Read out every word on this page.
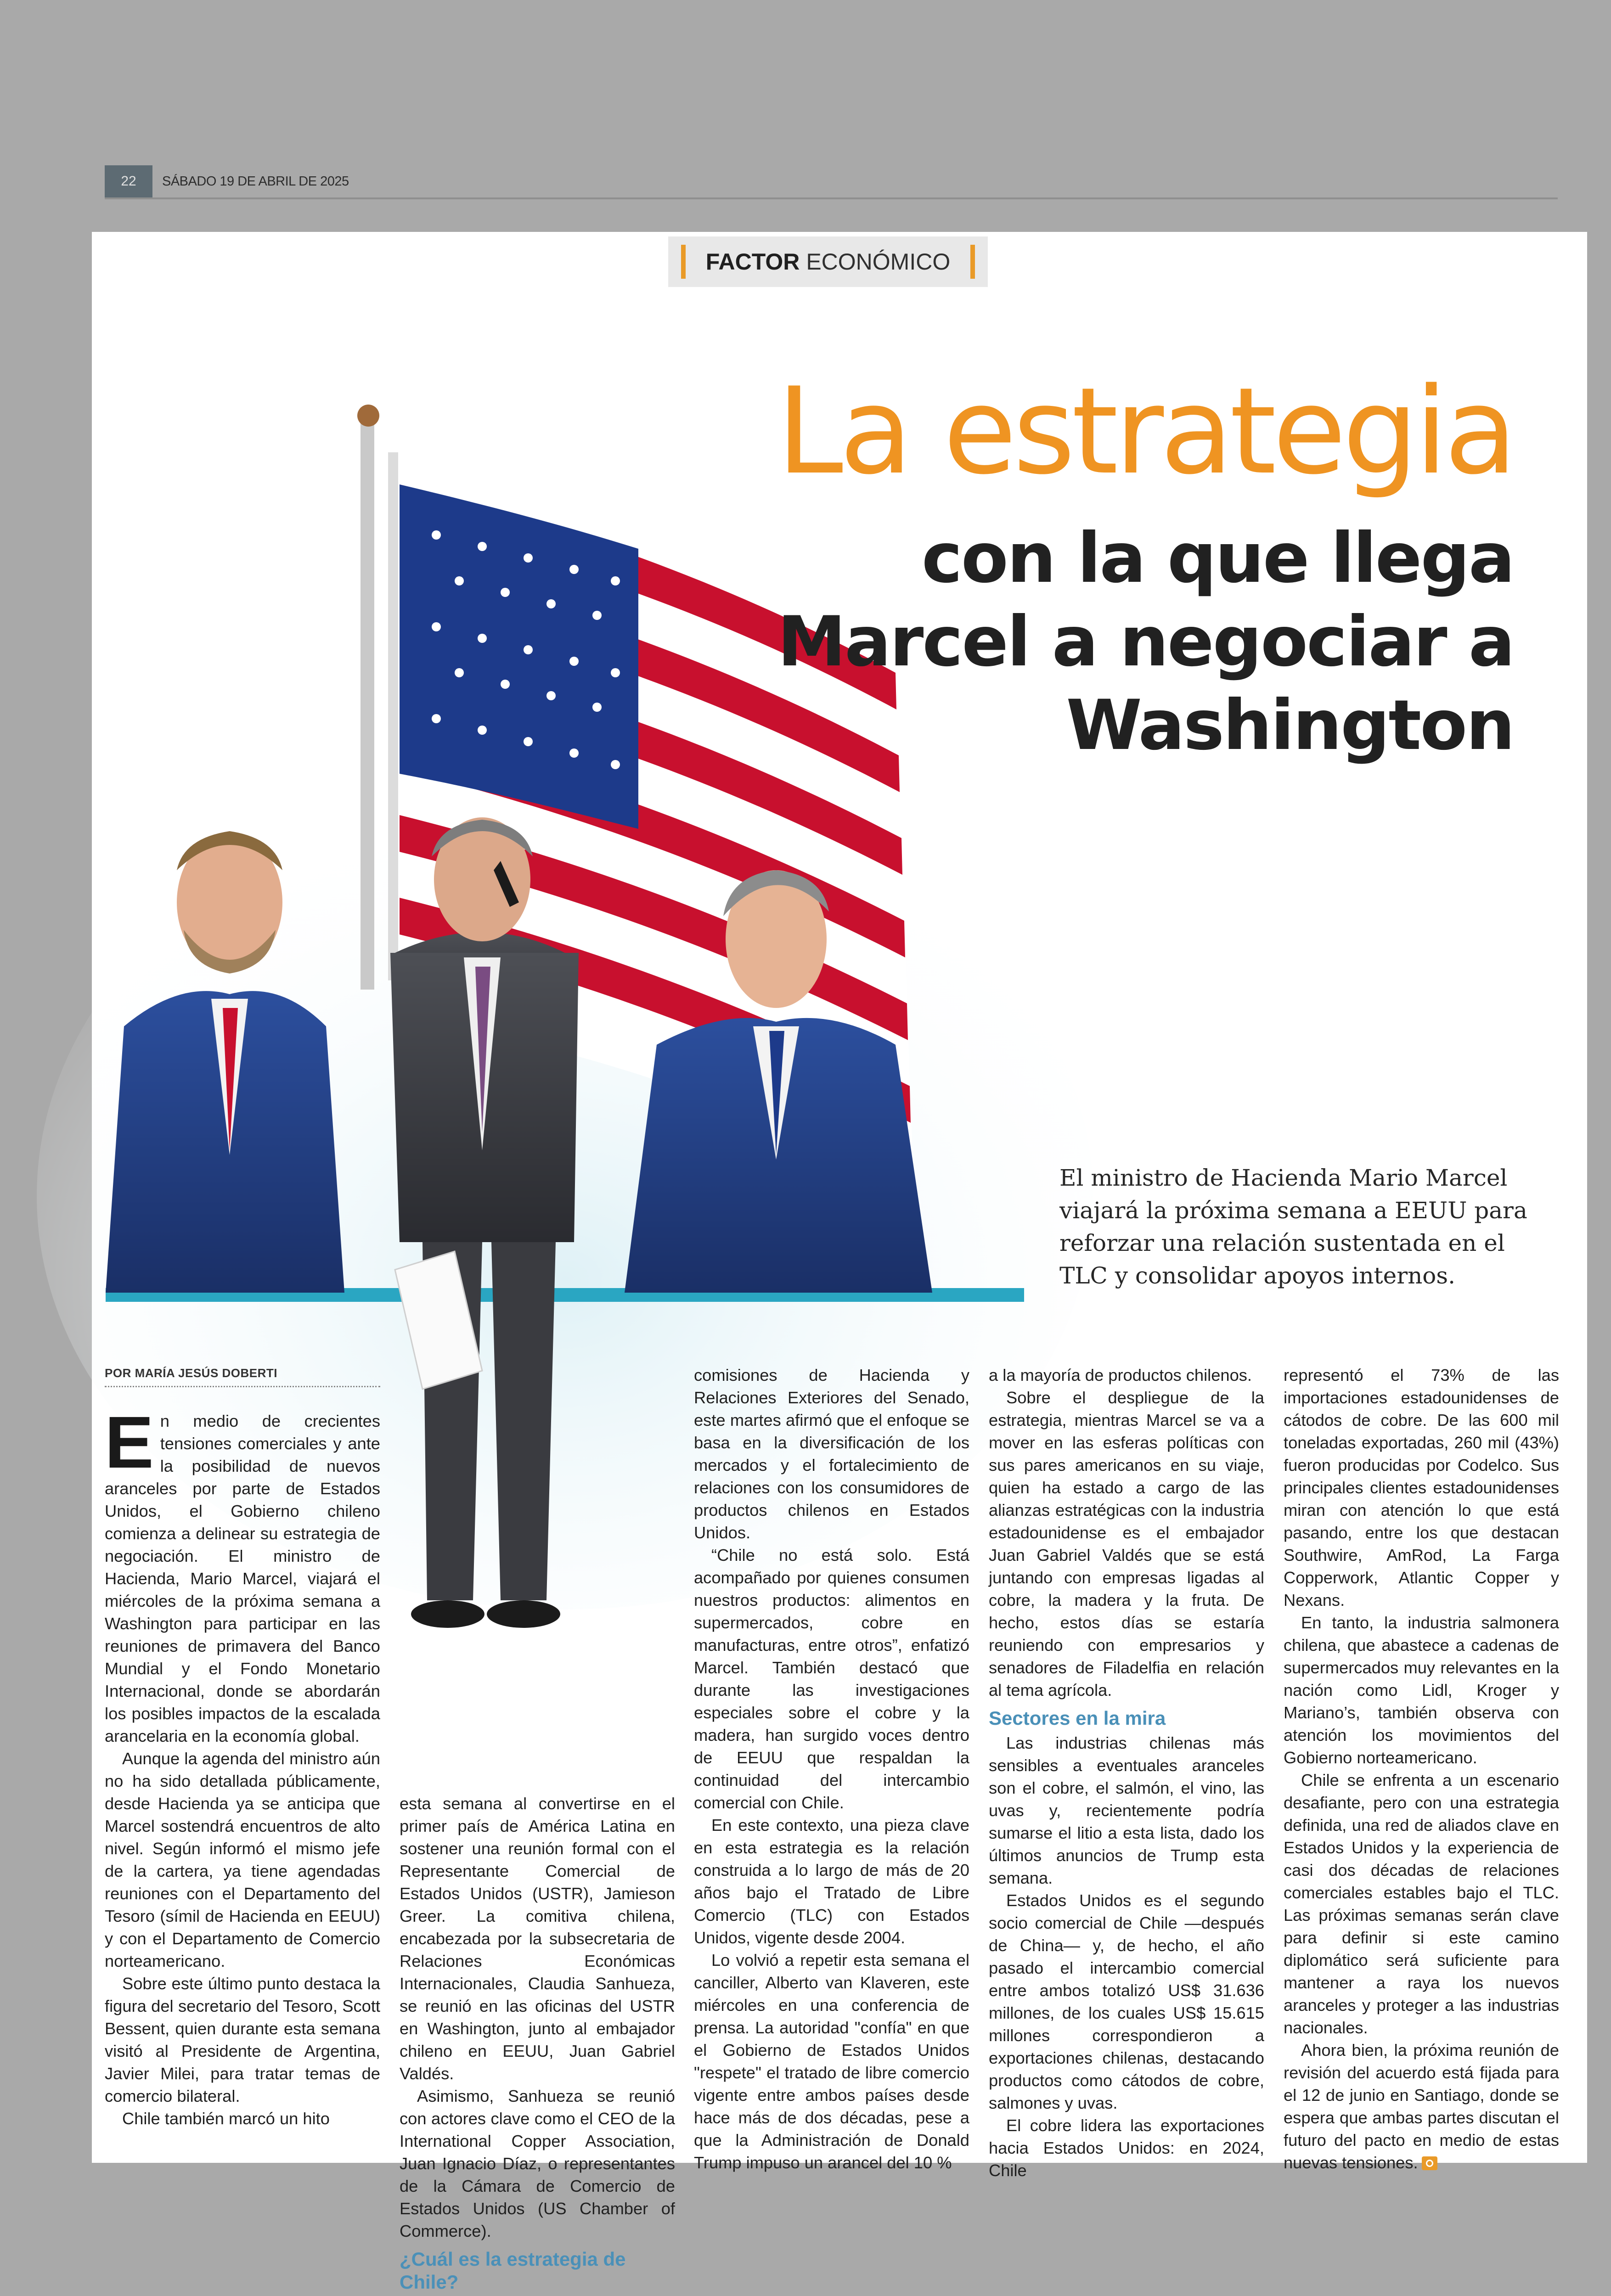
22	SÁBADO 19 DE ABRIL DE 2025
FACTOR ECONÓMICO
La estrategia
con la que llega
Marcel a negociar a
Washington
El ministro de Hacienda Mario Marcel viajará la próxima semana a EEUU para reforzar una relación sustentada en el TLC y consolidar apoyos internos.
POR MARÍA JESÚS DOBERTI

En medio de crecientes tensiones comerciales y ante la posibilidad de nuevos aranceles por parte de Estados Unidos, el Gobierno chileno comienza a delinear su estrategia de negociación. El ministro de Hacienda, Mario Marcel, viajará el miércoles de la próxima semana a Washington para participar en las reuniones de primavera del Banco Mundial y el Fondo Monetario Internacional, donde se abordarán los posibles impactos de la escalada arancelaria en la economía global.

Aunque la agenda del ministro aún no ha sido detallada públicamente, desde Hacienda ya se anticipa que Marcel sostendrá encuentros de alto nivel. Según informó el mismo jefe de la cartera, ya tiene agendadas reuniones con el Departamento del Tesoro (símil de Hacienda en EEUU) y con el Departamento de Comercio norteamericano.

Sobre este último punto destaca la figura del secretario del Tesoro, Scott Bessent, quien durante esta semana visitó al Presidente de Argentina, Javier Milei, para tratar temas de comercio bilateral.

Chile también marcó un hito

esta semana al convertirse en el primer país de América Latina en sostener una reunión formal con el Representante Comercial de Estados Unidos (USTR), Jamieson Greer. La comitiva chilena, encabezada por la subsecretaria de Relaciones Económicas Internacionales, Claudia Sanhueza, se reunió en las oficinas del USTR en Washington, junto al embajador chileno en EEUU, Juan Gabriel Valdés.

Asimismo, Sanhueza se reunió con actores clave como el CEO de la International Copper Association, Juan Ignacio Díaz, o representantes de la Cámara de Comercio de Estados Unidos (US Chamber of Commerce).

¿Cuál es la estrategia de Chile?

comisiones de Hacienda y Relaciones Exteriores del Senado, este martes afirmó que el enfoque se basa en la diversificación de los mercados y el fortalecimiento de relaciones con los consumidores de productos chilenos en Estados Unidos.

“Chile no está solo. Está acompañado por quienes consumen nuestros productos: alimentos en supermercados, cobre en manufacturas, entre otros”, enfatizó Marcel. También destacó que durante las investigaciones especiales sobre el cobre y la madera, han surgido voces dentro de EEUU que respaldan la continuidad del intercambio comercial con Chile.

En este contexto, una pieza clave en esta estrategia es la relación construida a lo largo de más de 20 años bajo el Tratado de Libre Comercio (TLC) con Estados Unidos, vigente desde 2004.

Lo volvió a repetir esta semana el canciller, Alberto van Klaveren, este miércoles en una conferencia de prensa. La autoridad "confía" en que el Gobierno de Estados Unidos "respete" el tratado de libre comercio vigente entre ambos países desde hace más de dos décadas, pese a que la Administración de Donald Trump impuso un arancel del 10 %

a la mayoría de productos chilenos.

Sobre el despliegue de la estrategia, mientras Marcel se va a mover en las esferas políticas con sus pares americanos en su viaje, quien ha estado a cargo de las alianzas estratégicas con la industria estadounidense es el embajador Juan Gabriel Valdés que se está juntando con empresas ligadas al cobre, la madera y la fruta. De hecho, estos días se estaría reuniendo con empresarios y senadores de Filadelfia en relación al tema agrícola.

Sectores en la mira

Las industrias chilenas más sensibles a eventuales aranceles son el cobre, el salmón, el vino, las uvas y, recientemente podría sumarse el litio a esta lista, dado los últimos anuncios de Trump esta semana.

Estados Unidos es el segundo socio comercial de Chile —después de China— y, de hecho, el año pasado el intercambio comercial entre ambos totalizó US$ 31.636 millones, de los cuales US$ 15.615 millones correspondieron a exportaciones chilenas, destacando productos como cátodos de cobre, salmones y uvas.

El cobre lidera las exportaciones hacia Estados Unidos: en 2024, Chile

representó el 73% de las importaciones estadounidenses de cátodos de cobre. De las 600 mil toneladas exportadas, 260 mil (43%) fueron producidas por Codelco. Sus principales clientes estadounidenses miran con atención lo que está pasando, entre los que destacan Southwire, AmRod, La Farga Copperwork, Atlantic Copper y Nexans.

En tanto, la industria salmonera chilena, que abastece a cadenas de supermercados muy relevantes en la nación como Lidl, Kroger y Mariano’s, también observa con atención los movimientos del Gobierno norteamericano.

Chile se enfrenta a un escenario desafiante, pero con una estrategia definida, una red de aliados clave en Estados Unidos y la experiencia de casi dos décadas de relaciones comerciales estables bajo el TLC. Las próximas semanas serán clave para definir si este camino diplomático será suficiente para mantener a raya los nuevos aranceles y proteger a las industrias nacionales.

Ahora bien, la próxima reunión de revisión del acuerdo está fijada para el 12 de junio en Santiago, donde se espera que ambas partes discutan el futuro del pacto en medio de estas nuevas tensiones.
